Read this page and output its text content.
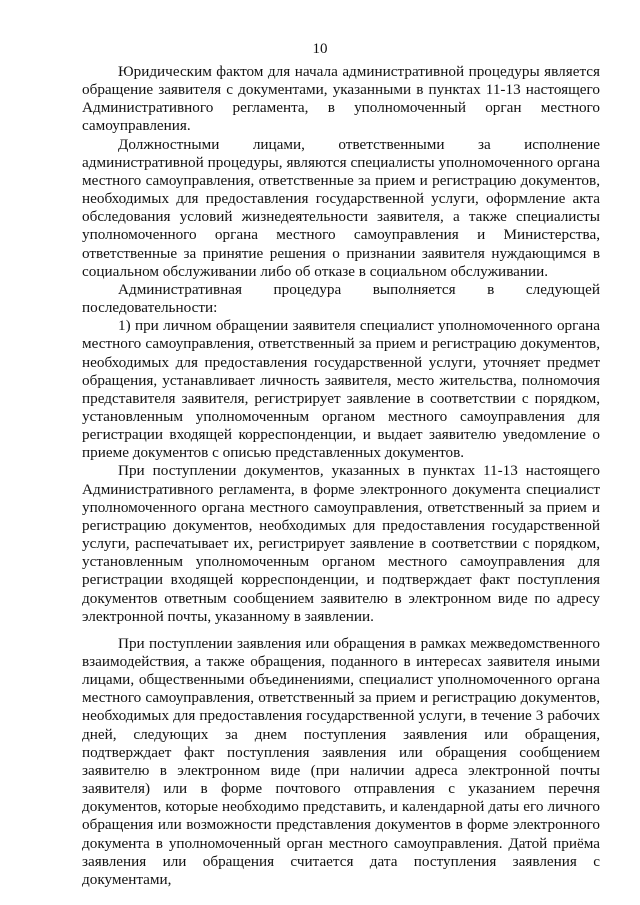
10

Юридическим фактом для начала административной процедуры является обращение заявителя с документами, указанными в пунктах 11-13 настоящего Административного регламента, в уполномоченный орган местного самоуправления.

Должностными лицами, ответственными за исполнение административной процедуры, являются специалисты уполномоченного органа местного самоуправления, ответственные за прием и регистрацию документов, необходимых для предоставления государственной услуги, оформление акта обследования условий жизнедеятельности заявителя, а также специалисты уполномоченного органа местного самоуправления и Министерства, ответственные за принятие решения о признании заявителя нуждающимся в социальном обслуживании либо об отказе в социальном обслуживании.

Административная процедура выполняется в следующей последовательности:

1) при личном обращении заявителя специалист уполномоченного органа местного самоуправления, ответственный за прием и регистрацию документов, необходимых для предоставления государственной услуги, уточняет предмет обращения, устанавливает личность заявителя, место жительства, полномочия представителя заявителя, регистрирует заявление в соответствии с порядком, установленным уполномоченным органом местного самоуправления для регистрации входящей корреспонденции, и выдает заявителю уведомление о приеме документов с описью представленных документов.

При поступлении документов, указанных в пунктах 11-13 настоящего Административного регламента, в форме электронного документа специалист уполномоченного органа местного самоуправления, ответственный за прием и регистрацию документов, необходимых для предоставления государственной услуги, распечатывает их, регистрирует заявление в соответствии с порядком, установленным уполномоченным органом местного самоуправления для регистрации входящей корреспонденции, и подтверждает факт поступления документов ответным сообщением заявителю в электронном виде по адресу электронной почты, указанному в заявлении.

При поступлении заявления или обращения в рамках межведомственного взаимодействия, а также обращения, поданного в интересах заявителя иными лицами, общественными объединениями, специалист уполномоченного органа местного самоуправления, ответственный за прием и регистрацию документов, необходимых для предоставления государственной услуги, в течение 3 рабочих дней, следующих за днем поступления заявления или обращения, подтверждает факт поступления заявления или обращения сообщением заявителю в электронном виде (при наличии адреса электронной почты заявителя) или в форме почтового отправления с указанием перечня документов, которые необходимо представить, и календарной даты его личного обращения или возможности представления документов в форме электронного документа в уполномоченный орган местного самоуправления. Датой приёма заявления или обращения считается дата поступления заявления с документами,
